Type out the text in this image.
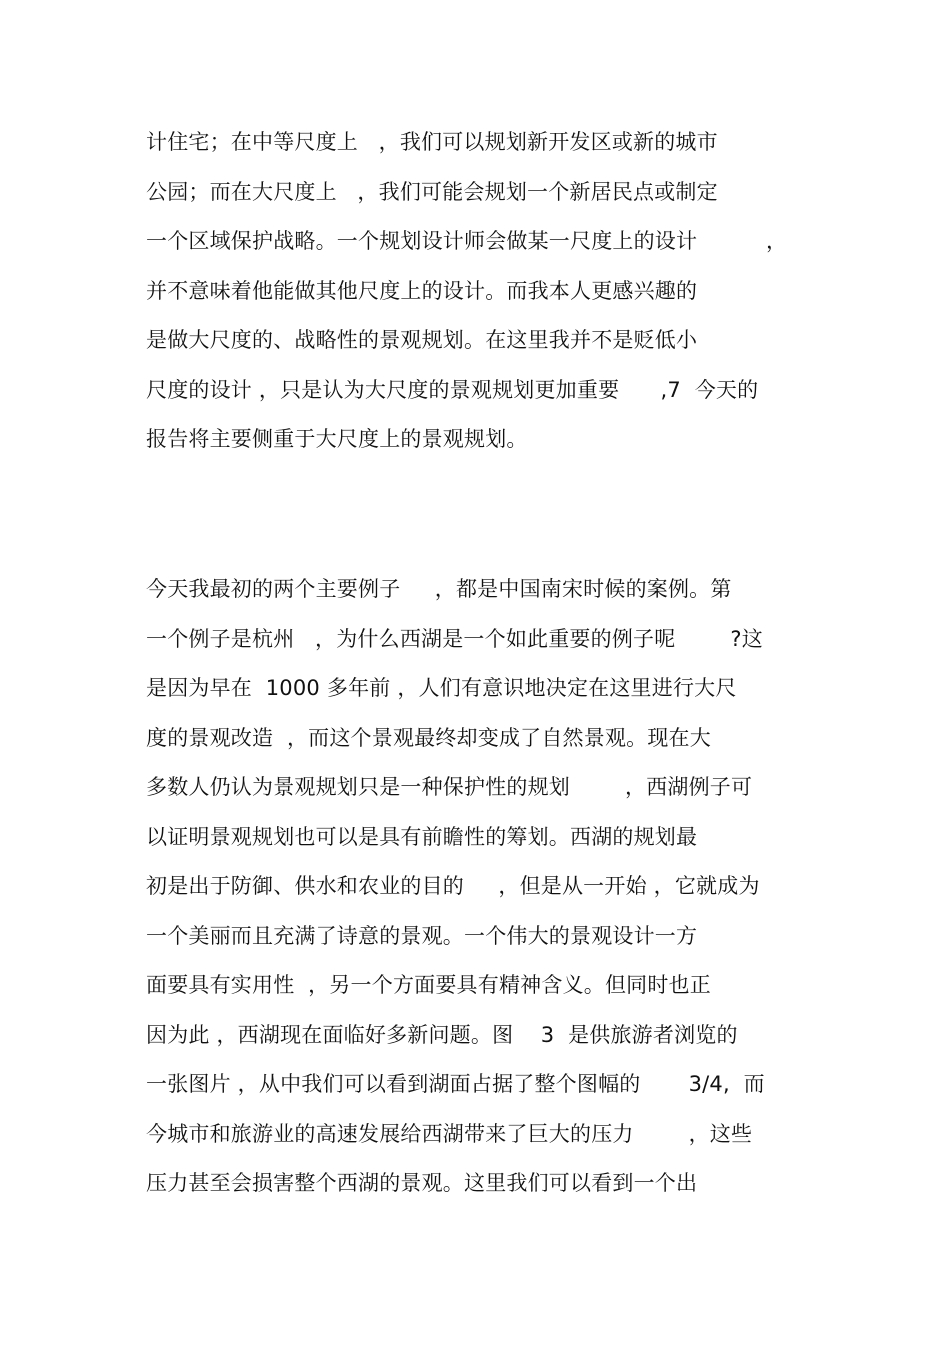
计住宅；在中等尺度上   ，我们可以规划新开发区或新的城市
公园；而在大尺度上   ，我们可能会规划一个新居民点或制定
一个区域保护战略。一个规划设计师会做某一尺度上的设计          ，
并不意味着他能做其他尺度上的设计。而我本人更感兴趣的
是做大尺度的、战略性的景观规划。在这里我并不是贬低小
尺度的设计 ，只是认为大尺度的景观规划更加重要      ,7  今天的
报告将主要侧重于大尺度上的景观规划。
今天我最初的两个主要例子     ，都是中国南宋时候的案例。第
一个例子是杭州   ，为什么西湖是一个如此重要的例子呢        ?这
是因为早在  1000 多年前 ，人们有意识地决定在这里进行大尺
度的景观改造  ，而这个景观最终却变成了自然景观。现在大
多数人仍认为景观规划只是一种保护性的规划        ，西湖例子可
以证明景观规划也可以是具有前瞻性的筹划。西湖的规划最
初是出于防御、供水和农业的目的     ，但是从一开始 ，它就成为
一个美丽而且充满了诗意的景观。一个伟大的景观设计一方
面要具有实用性  ，另一个方面要具有精神含义。但同时也正
因为此 ，西湖现在面临好多新问题。图    3  是供旅游者浏览的
一张图片 ，从中我们可以看到湖面占据了整个图幅的       3/4,  而
今城市和旅游业的高速发展给西湖带来了巨大的压力        ，这些
压力甚至会损害整个西湖的景观。这里我们可以看到一个出
